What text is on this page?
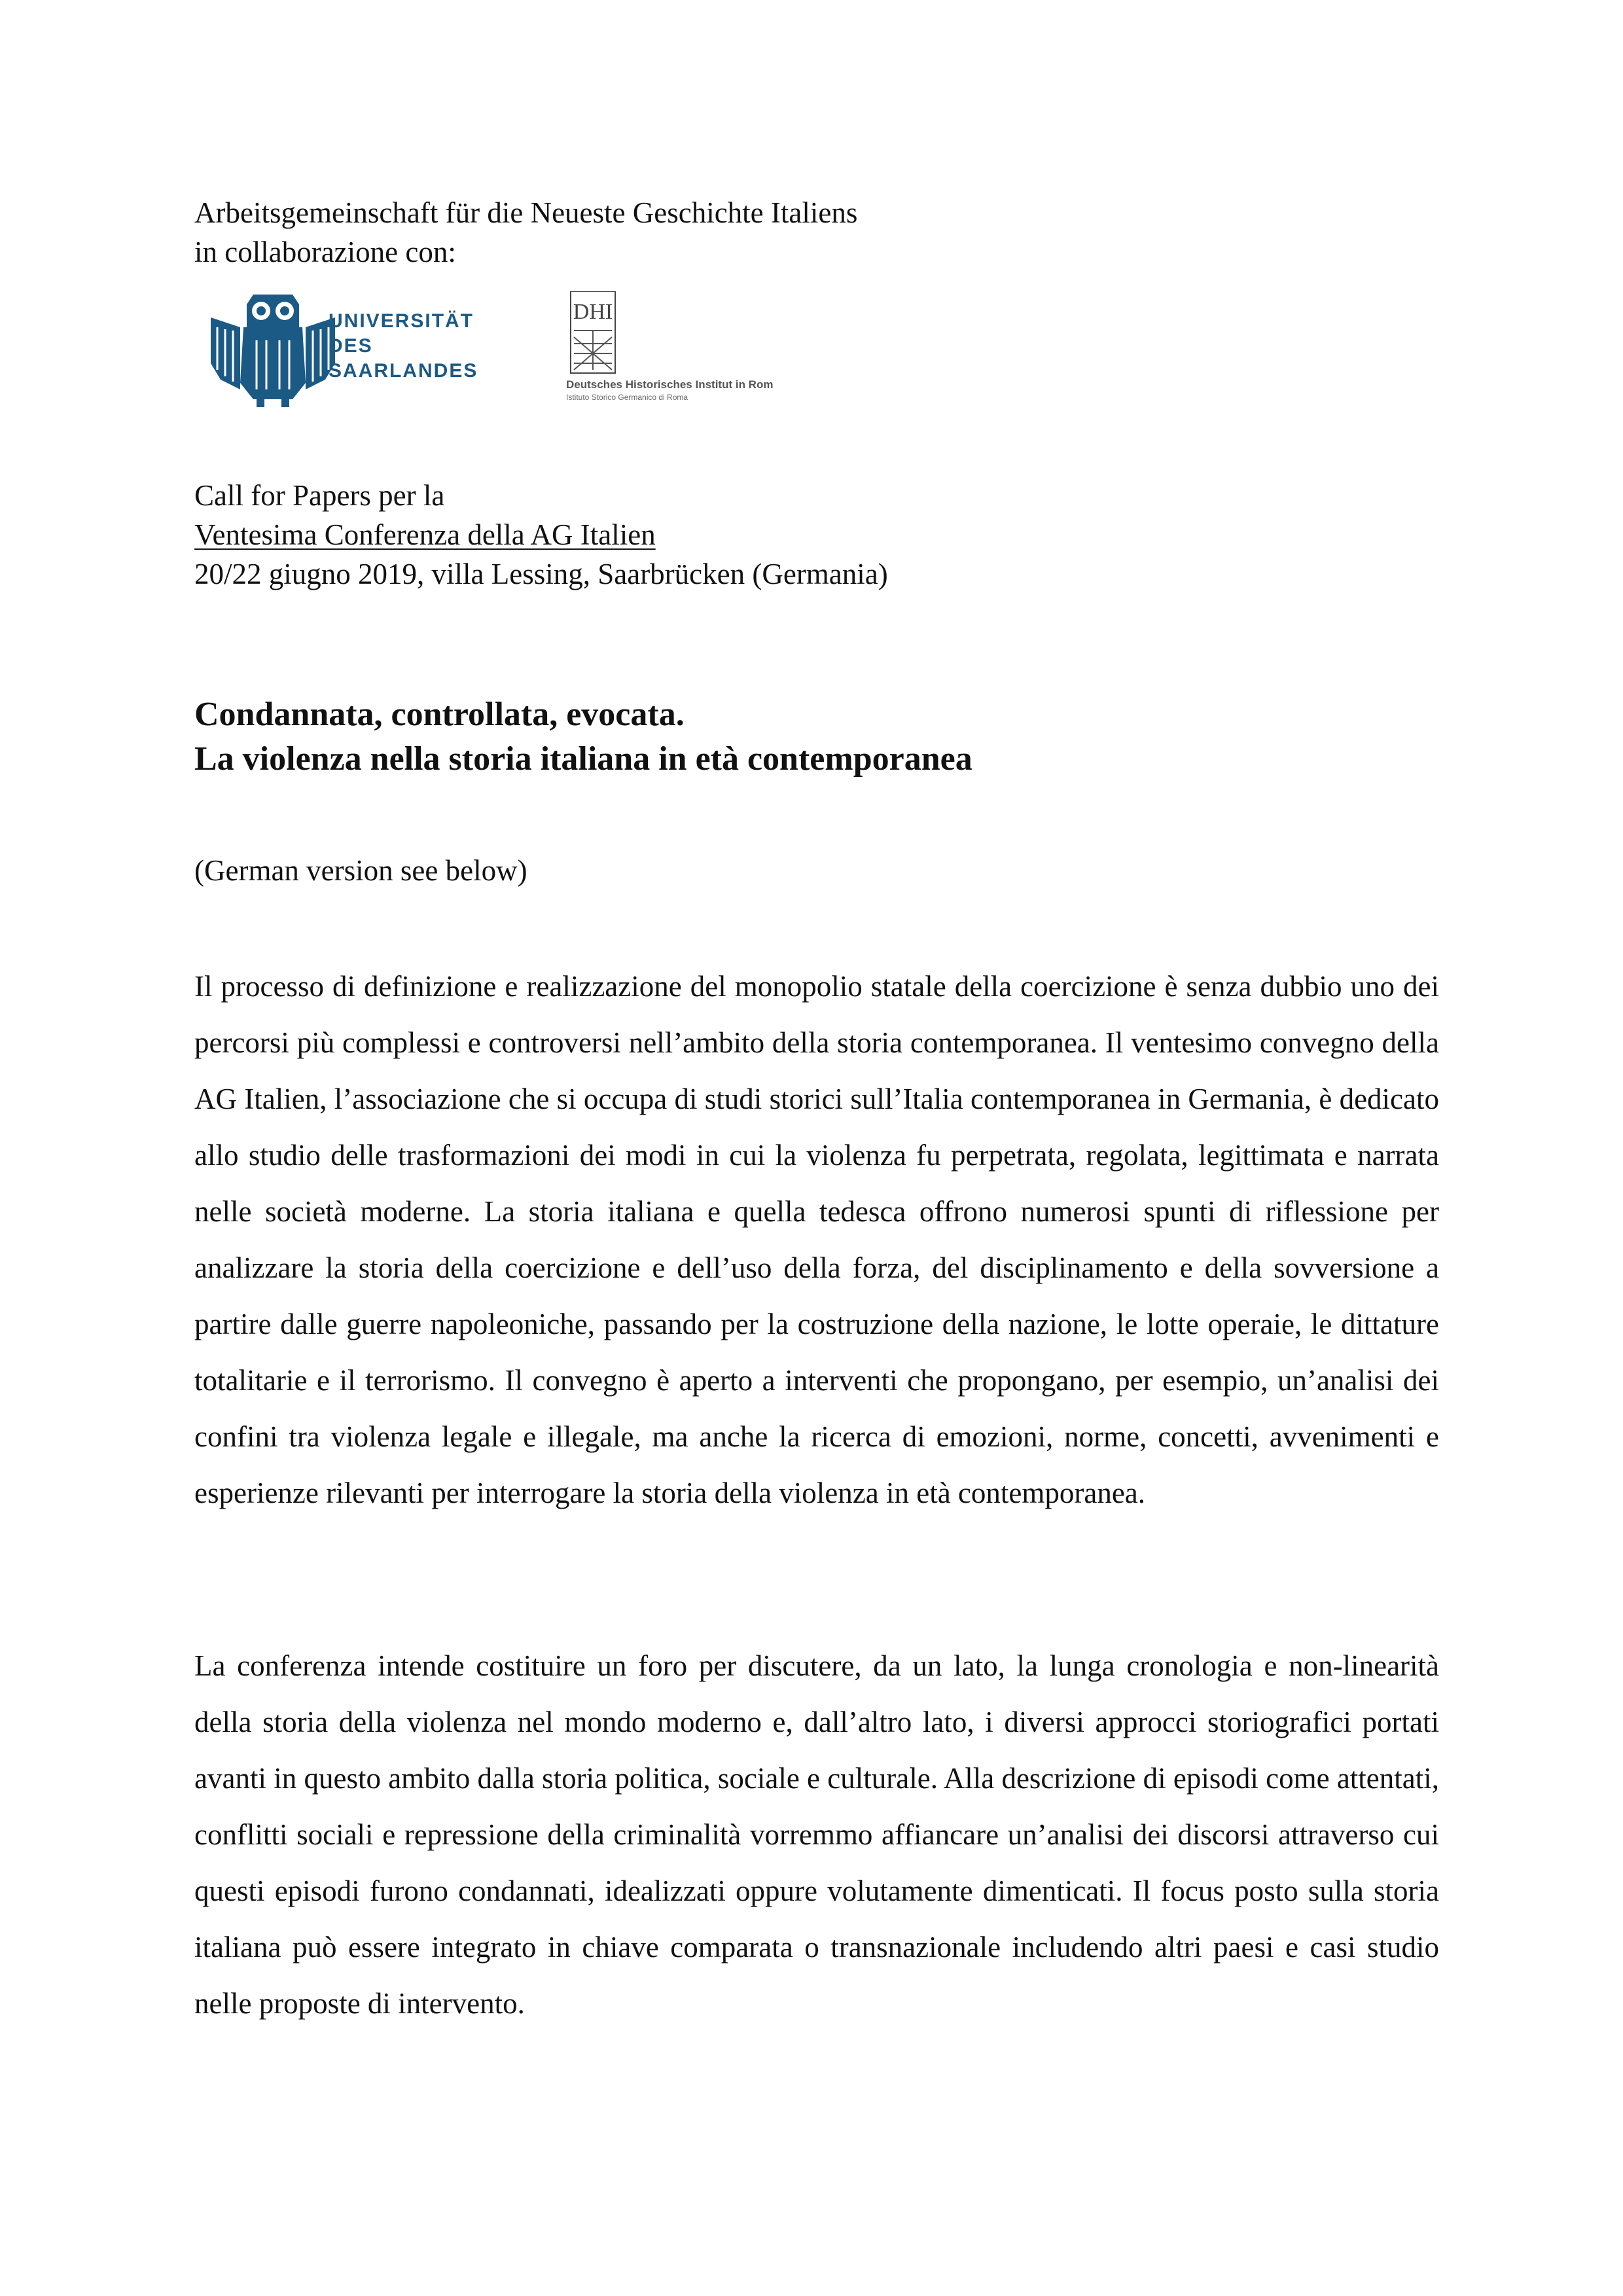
Arbeitsgemeinschaft für die Neueste Geschichte Italiens
in collaborazione con:
UNIVERSITÄT
DES
SAARLANDES
DHI
Deutsches Historisches Institut in Rom
Istituto Storico Germanico di Roma
Call for Papers per la
Ventesima Conferenza della AG Italien
20/22 giugno 2019, villa Lessing, Saarbrücken (Germania)
Condannata, controllata, evocata.
La violenza nella storia italiana in età contemporanea
(German version see below)

Il processo di definizione e realizzazione del monopolio statale della coercizione è senza dubbio uno dei percorsi più complessi e controversi nell’ambito della storia contemporanea. Il ventesimo convegno della AG Italien, l’associazione che si occupa di studi storici sull’Italia contemporanea in Germania, è dedicato allo studio delle trasformazioni dei modi in cui la violenza fu perpetrata, regolata, legittimata e narrata nelle società moderne. La storia italiana e quella tedesca offrono numerosi spunti di riflessione per analizzare la storia della coercizione e dell’uso della forza, del disciplinamento e della sovversione a partire dalle guerre napoleoniche, passando per la costruzione della nazione, le lotte operaie, le dittature totalitarie e il terrorismo. Il convegno è aperto a interventi che propongano, per esempio, un’analisi dei confini tra violenza legale e illegale, ma anche la ricerca di emozioni, norme, concetti, avvenimenti e esperienze rilevanti per interrogare la storia della violenza in età contemporanea.

La conferenza intende costituire un foro per discutere, da un lato, la lunga cronologia e non-linearità della storia della violenza nel mondo moderno e, dall’altro lato, i diversi approcci storiografici portati avanti in questo ambito dalla storia politica, sociale e culturale. Alla descrizione di episodi come attentati, conflitti sociali e repressione della criminalità vorremmo affiancare un’analisi dei discorsi attraverso cui questi episodi furono condannati, idealizzati oppure volutamente dimenticati. Il focus posto sulla storia italiana può essere integrato in chiave comparata o transnazionale includendo altri paesi e casi studio nelle proposte di intervento.
